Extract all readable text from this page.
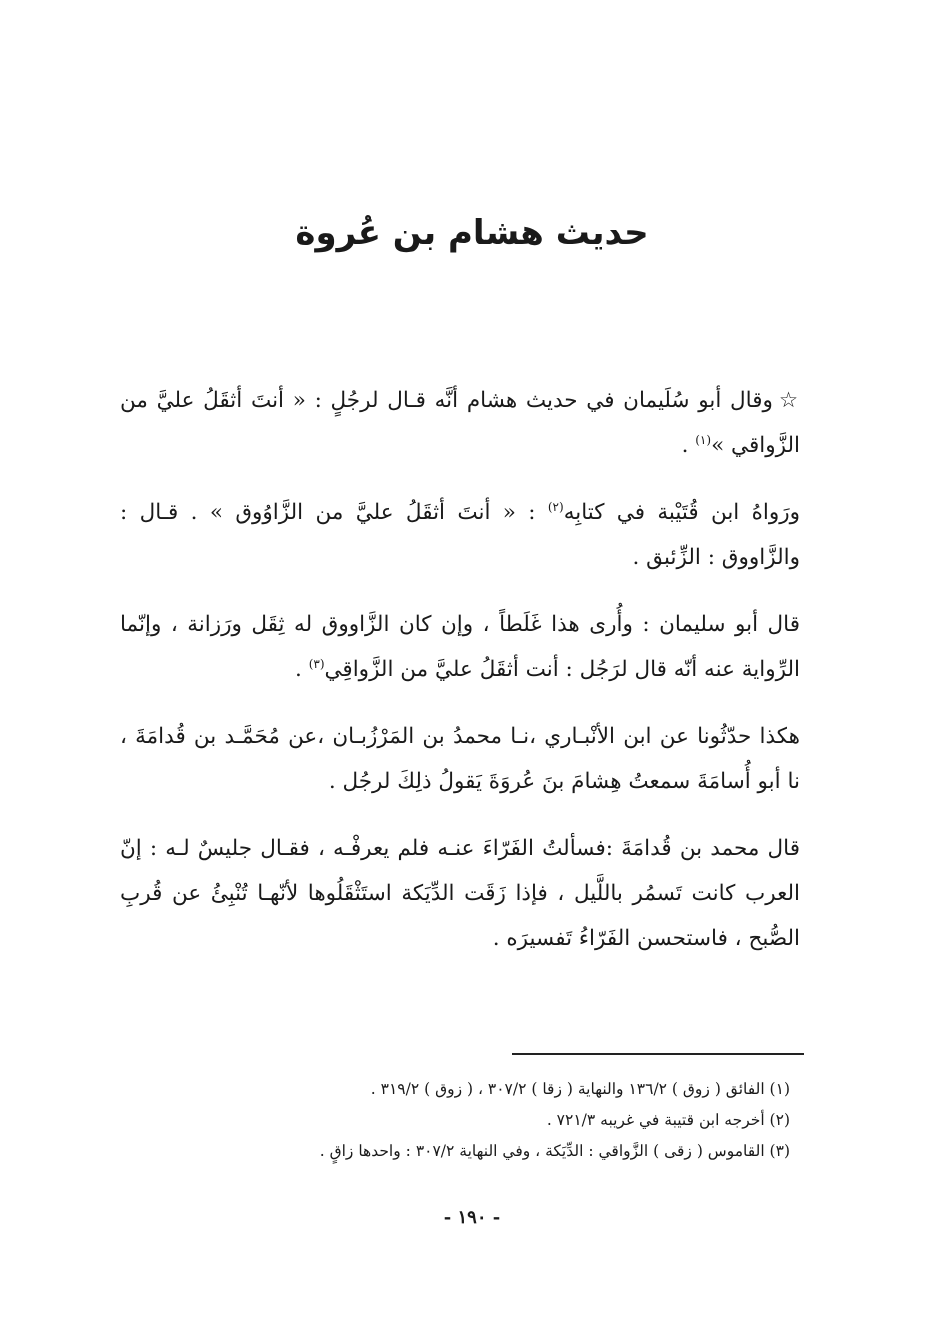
حديث هشام بن عُروة

☆وقال أبو سُلَيمان في حديث هشام أنَّه قـال لرجُلٍ : « أنتَ أثقَلُ عليَّ من الزَّواقي »$^{(١)}$ .

ورَواهُ ابن قُتَيْبة في كتابِه$^{(٢)}$ : « أنتَ أثقَلُ عليَّ من الزَّاوُوق » . قـال : والزَّاووق : الزِّئبق .

قال أبو سليمان : وأُرى هذا غَلَطاً ، وإن كان الزَّاووق له ثِقَل ورَزانة ، وإنّما الرِّواية عنه أنّه قال لرَجُل : أنت أثقَلُ عليَّ من الزَّواقِي$^{(٣)}$ .

هكذا حدّثُونا عن ابن الأنْبـاري ،نـا محمدُ بن المَرْزُبـان ،عن مُحَمَّـد بن قُدامَةَ ، نا أبو أُسامَةَ سمعتُ هِشامَ بنَ عُروَةَ يَقولُ ذلِكَ لرجُل .

قال محمد بن قُدامَةَ :فسألتُ الفَرّاءَ عنـه فلم يعرفْـه ، فقـال جليسٌ لـه : إنّ العرب كانت تَسمُر باللَّيل ، فإذا زَقَت الدِّيَكة استَثْقَلُوها لأنّهـا تُنْبِئُ عن قُربِ الصُّبح ، فاستحسن الفَرّاءُ تَفسيرَه .

(١) الفائق ( زوق ) ١٣٦/٢ والنهاية ( زقا ) ٣٠٧/٢ ، ( زوق ) ٣١٩/٢ .
(٢) أخرجه ابن قتيبة في غريبه ٧٢١/٣ .
(٣) القاموس ( زقى ) الزَّواقي : الدِّيَكة ، وفي النهاية ٣٠٧/٢ : واحدها زاقٍ .
- ١٩٠ -
